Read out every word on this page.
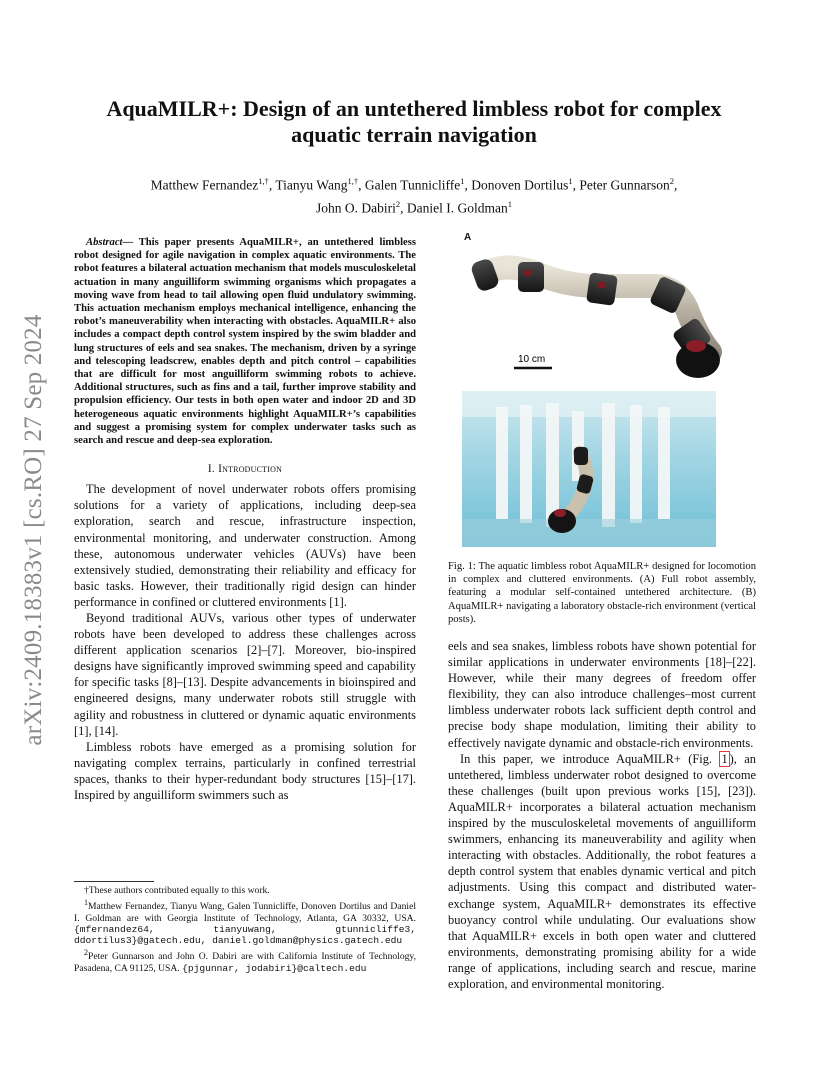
arXiv:2409.18383v1 [cs.RO] 27 Sep 2024
AquaMILR+: Design of an untethered limbless robot for complex aquatic terrain navigation
Matthew Fernandez$^{1,\dagger}$, Tianyu Wang$^{1,\dagger}$, Galen Tunnicliffe$^1$, Donoven Dortilus$^1$, Peter Gunnarson$^2$,
John O. Dabiri$^2$, Daniel I. Goldman$^1$

Abstract— This paper presents AquaMILR+, an untethered limbless robot designed for agile navigation in complex aquatic environments. The robot features a bilateral actuation mechanism that models musculoskeletal actuation in many anguilliform swimming organisms which propagates a moving wave from head to tail allowing open fluid undulatory swimming. This actuation mechanism employs mechanical intelligence, enhancing the robot’s maneuverability when interacting with obstacles. AquaMILR+ also includes a compact depth control system inspired by the swim bladder and lung structures of eels and sea snakes. The mechanism, driven by a syringe and telescoping leadscrew, enables depth and pitch control – capabilities that are difficult for most anguilliform swimming robots to achieve. Additional structures, such as fins and a tail, further improve stability and propulsion efficiency. Our tests in both open water and indoor 2D and 3D heterogeneous aquatic environments highlight AquaMILR+’s capabilities and suggest a promising system for complex underwater tasks such as search and rescue and deep-sea exploration.

I. Introduction

The development of novel underwater robots offers promising solutions for a variety of applications, including deep-sea exploration, search and rescue, infrastructure inspection, environmental monitoring, and underwater construction. Among these, autonomous underwater vehicles (AUVs) have been extensively studied, demonstrating their reliability and efficacy for basic tasks. However, their traditionally rigid design can hinder performance in confined or cluttered environments [1].

Beyond traditional AUVs, various other types of underwater robots have been developed to address these challenges across different application scenarios [2]–[7]. Moreover, bio-inspired designs have significantly improved swimming speed and capability for specific tasks [8]–[13]. Despite advancements in bioinspired and engineered designs, many underwater robots still struggle with agility and robustness in cluttered or dynamic aquatic environments [1], [14].

Limbless robots have emerged as a promising solution for navigating complex terrains, particularly in confined terrestrial spaces, thanks to their hyper-redundant body structures [15]–[17]. Inspired by anguilliform swimmers such as

†These authors contributed equally to this work.

$^1$Matthew Fernandez, Tianyu Wang, Galen Tunnicliffe, Donoven Dortilus and Daniel I. Goldman are with Georgia Institute of Technology, Atlanta, GA 30332, USA. {mfernandez64, tianyuwang, gtunnicliffe3, ddortilus3}@gatech.edu, daniel.goldman@physics.gatech.edu

$^2$Peter Gunnarson and John O. Dabiri are with California Institute of Technology, Pasadena, CA 91125, USA. {pjgunnar, jodabiri}@caltech.edu

A
10 cm

Fig. 1: The aquatic limbless robot AquaMILR+ designed for locomotion in complex and cluttered environments. (A) Full robot assembly, featuring a modular self-contained untethered architecture. (B) AquaMILR+ navigating a laboratory obstacle-rich environment (vertical posts).

eels and sea snakes, limbless robots have shown potential for similar applications in underwater environments [18]–[22]. However, while their many degrees of freedom offer flexibility, they can also introduce challenges–most current limbless underwater robots lack sufficient depth control and precise body shape modulation, limiting their ability to effectively navigate dynamic and obstacle-rich environments.

In this paper, we introduce AquaMILR+ (Fig. 1 ), an untethered, limbless underwater robot designed to overcome these challenges (built upon previous works [15], [23]). AquaMILR+ incorporates a bilateral actuation mechanism inspired by the musculoskeletal movements of anguilliform swimmers, enhancing its maneuverability and agility when interacting with obstacles. Additionally, the robot features a depth control system that enables dynamic vertical and pitch adjustments. Using this compact and distributed water-exchange system, AquaMILR+ demonstrates its effective buoyancy control while undulating. Our evaluations show that AquaMILR+ excels in both open water and cluttered environments, demonstrating promising ability for a wide range of applications, including search and rescue, marine exploration, and environmental monitoring.
